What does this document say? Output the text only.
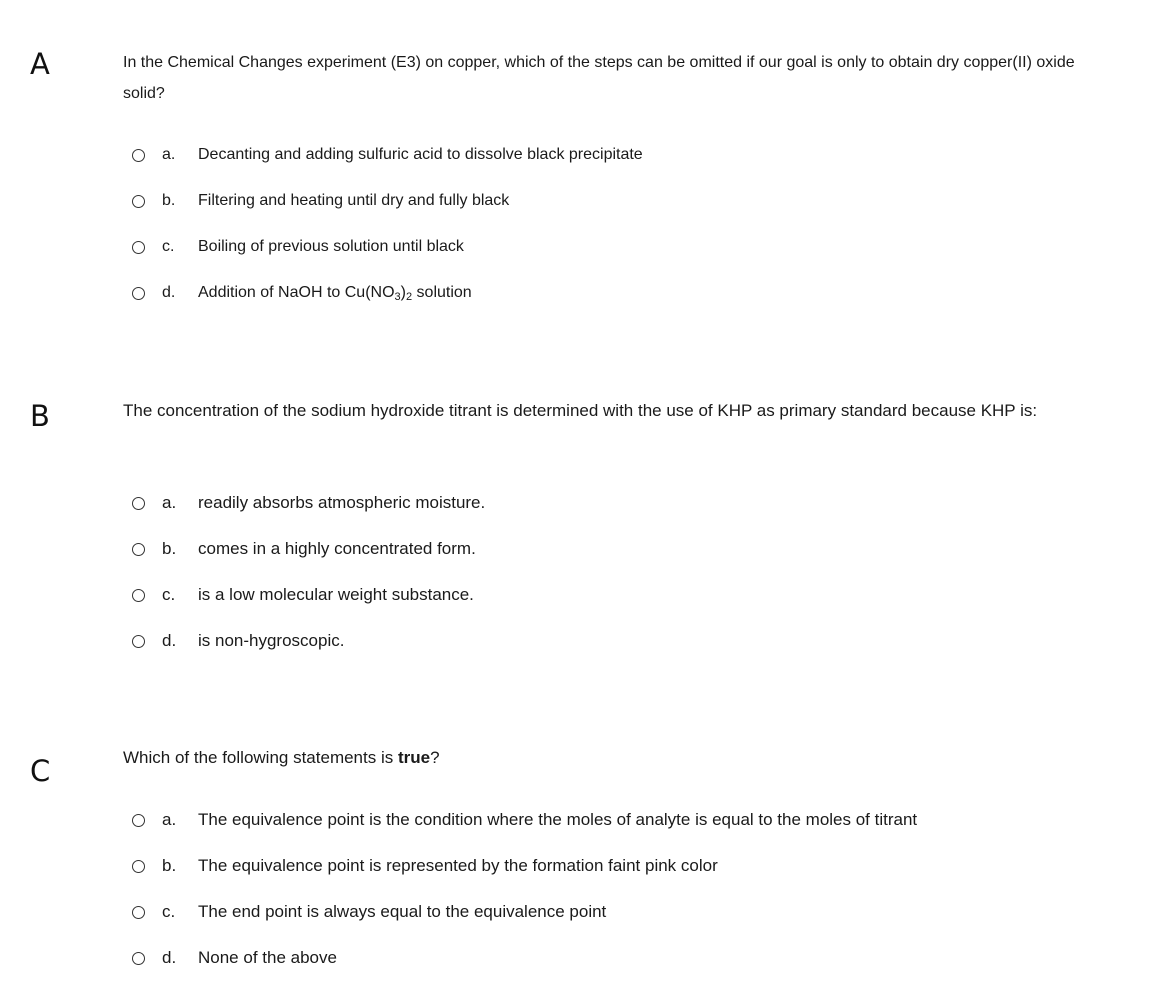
A	In the Chemical Changes experiment (E3) on copper, which of the steps can be omitted if our goal is only to obtain dry copper(II) oxide solid?
a.	Decanting and adding sulfuric acid to dissolve black precipitate
b.	Filtering and heating until dry and fully black
c.	Boiling of previous solution until black
d.	Addition of NaOH to $Cu(NO_3)_2$ solution
B	The concentration of the sodium hydroxide titrant is determined with the use of KHP as primary standard because KHP is:
a.	readily absorbs atmospheric moisture.
b.	comes in a highly concentrated form.
c.	is a low molecular weight substance.
d.	is non-hygroscopic.
C	Which of the following statements is true?
a.	The equivalence point is the condition where the moles of analyte is equal to the moles of titrant
b.	The equivalence point is represented by the formation faint pink color
c.	The end point is always equal to the equivalence point
d.	None of the above
